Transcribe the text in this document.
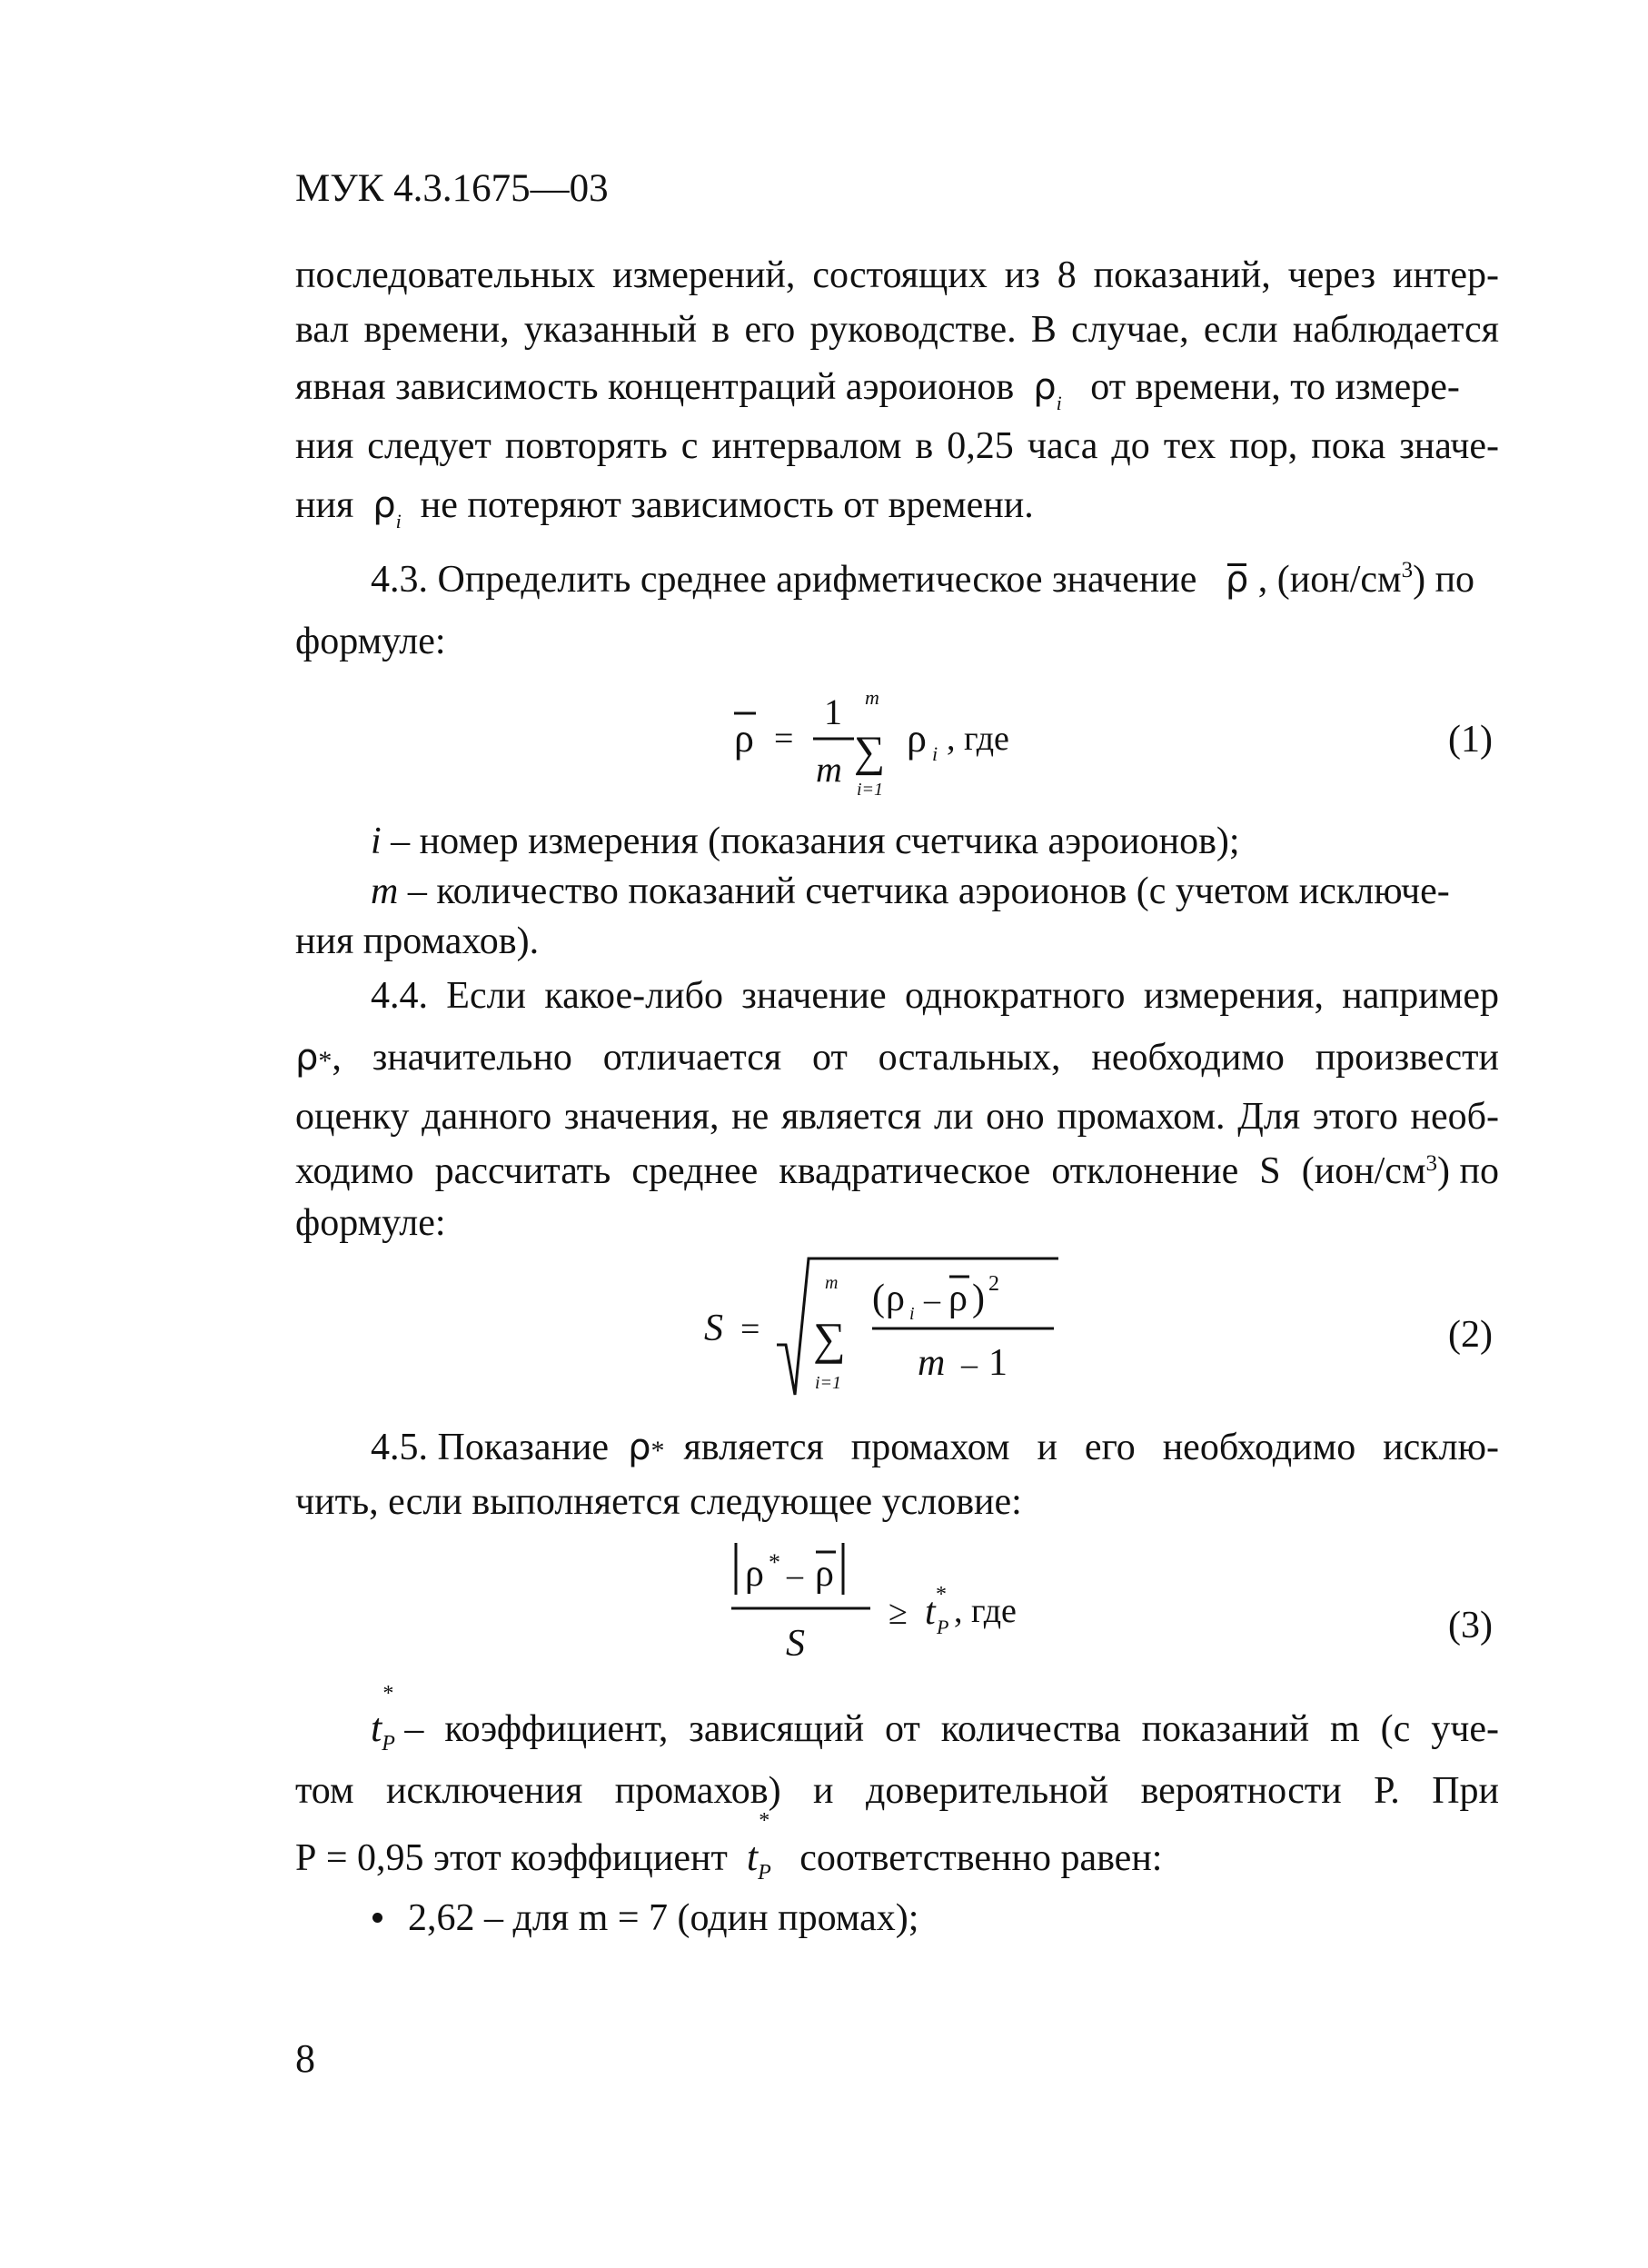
МУК 4.3.1675—03
последовательных измерений, состоящих из 8 показаний, через интер-
вал времени, указанный в его руководстве. В случае, если наблюдается
явная зависимость концентраций аэроионов $\rho_i$ от времени, то измере-
ния следует повторять с интервалом в 0,25 часа до тех пор, пока значе-
ния $\rho_i$ не потеряют зависимость от времени.
4.3. Определить среднее арифметическое значение ρ , $(ион/см^3)$ по
формуле:
ρ =
1
m ∑
m
i=1
ρ i , где	(1)
i – номер измерения (показания счетчика аэроионов);
m – количество показаний счетчика аэроионов (с учетом исключе-
ния промахов).
4.4. Если какое-либо значение однократного измерения, например
ρ * , значительно отличается от остальных, необходимо произвести
оценку данного значения, не является ли оно промахом. Для этого необ-
ходимо рассчитать среднее квадратическое отклонение S (ион/см 3 ) по
формуле:
S = ∑
m
i=1
( ρ i – ρ ) 2
m – 1
(2)
4.5. Показание
ρ *
является промахом и его необходимо исклю-
чить, если выполняется следующее условие:
ρ * – ρ
S
≥ t *
P , где	(3)
t
*
$_P$
– коэффициент, зависящий от количества показаний m (с уче-
том исключения промахов) и доверительной вероятности Р. При
Р = 0,95 этот коэффициент t
*
$_P$ соответственно равен:
2,62 – для m = 7 (один промах);
8
